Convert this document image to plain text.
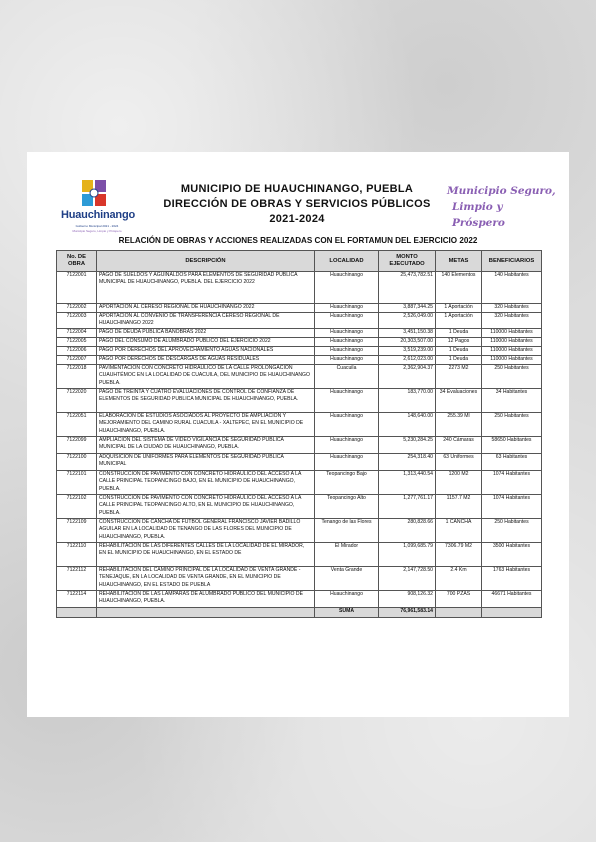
Huauchinango
Gobierno Municipal 2021 - 2024
Municipio Seguro, Limpio y Próspero
MUNICIPIO DE HUAUCHINANGO, PUEBLA
DIRECCIÓN DE OBRAS Y SERVICIOS PÚBLICOS
2021-2024
Municipio Seguro,
Limpio y Próspero
RELACIÓN DE OBRAS Y ACCIONES REALIZADAS CON EL FORTAMUN DEL EJERCICIO 2022
No. DE OBRA	DESCRIPCIÓN	LOCALIDAD	MONTO EJECUTADO	METAS	BENEFICIARIOS
7122001	PAGO DE SUELDOS Y AGUINALDOS PARA ELEMENTOS DE SEGURIDAD PÚBLICA MUNICIPAL DE HUAUCHINANGO, PUEBLA. DEL EJERCICIO 2022	Huauchinango	25,473,782.51	140 Elementos	140 Habitantes
7122002	APORTACIÓN AL CERESO REGIONAL DE HUAUCHINANGO 2022	Huauchinango	3,887,344.25	1 Aportación	320 Habitantes
7122003	APORTACIÓN AL CONVENIO DE TRANSFERENCIA CERESO REGIONAL DE HUAUCHINANGO 2022	Huauchinango	2,526,049.00	1 Aportación	320 Habitantes
7122004	PAGO DE DEUDA PÚBLICA BANOBRAS 2022	Huauchinango	3,451,150.38	1 Deuda	110000 Habitantes
7122005	PAGO DEL CONSUMO DE ALUMBRADO PÚBLICO DEL EJERCICIO 2022	Huauchinango	20,303,507.00	12 Pagos	110000 Habitantes
7122006	PAGO POR DERECHOS DEL APROVECHAMIENTO AGUAS NACIONALES	Huauchinango	3,519,239.00	1 Deuda	110000 Habitantes
7122007	PAGO POR DERECHOS DE DESCARGAS DE AGUAS RESIDUALES	Huauchinango	2,612,023.00	1 Deuda	110000 Habitantes
7122018	PAVIMENTACIÓN CON CONCRETO HIDRÁULICO DE LA CALLE PROLONGACIÓN CUAUHTÉMOC EN LA LOCALIDAD DE CUACUILA, DEL MUNICIPIO DE HUAUCHINANGO PUEBLA.	Cuacuila	2,362,904.37	2273 M2	250 Habitantes
7122020	PAGO DE TREINTA Y CUATRO EVALUACIONES DE CONTROL DE CONFIANZA DE ELEMENTOS DE SEGURIDAD PUBLICA MUNICIPAL DE HUAUCHINANGO, PUEBLA.	Huauchinango	183,770.00	34 Evaluaciones	34 Habitantes
7122051	ELABORACIÓN DE ESTUDIOS ASOCIADOS AL PROYECTO DE AMPLIACIÓN Y MEJORAMIENTO DEL CAMINO RURAL CUACUILA - XALTEPEC, EN EL MUNICIPIO DE HUAUCHINANGO, PUEBLA.	Huauchinango	148,640.00	255.39 Ml	250 Habitantes
7122099	AMPLIACIÓN DEL SISTEMA DE VIDEO VIGILANCIA DE SEGURIDAD PUBLICA MUNICIPAL DE LA CIUDAD DE HUAUCHINANGO, PUEBLA.	Huauchinango	5,230,284.25	240 Cámaras	58650 Habitantes
7122100	ADQUISICIÓN DE UNIFORMES PARA ELEMENTOS DE SEGURIDAD PÚBLICA MUNICIPAL	Huauchinango	254,318.40	63 Uniformes	63 Habitantes
7122101	CONSTRUCCION DE PAVIMENTO CON CONCRETO HIDRAULICO DEL ACCESO A LA CALLE PRINCIPAL TEOPANCINGO BAJO, EN EL MUNICIPIO DE HUAUCHINANGO, PUEBLA.	Teopancingo Bajo	1,313,440.54	1200 M2	1074 Habitantes
7122102	CONSTRUCCION DE PAVIMENTO CON CONCRETO HIDRAULICO DEL ACCESO A LA CALLE PRINCIPAL TEOPANCINGO ALTO, EN EL MUNICIPIO DE HUAUCHINANGO, PUEBLA.	Teopancingo Alto	1,277,761.17	1157.7 M2	1074 Habitantes
7122109	CONSTRUCCION DE CANCHA DE FUTBOL GENERAL FRANCISCO JAVIER BADILLO AGUILAR EN LA LOCALIDAD DE TENANGO DE LAS FLORES DEL MUNICIPIO DE HUAUCHINANGO, PUEBLA.	Tenango de las Flores	280,828.66	1 CANCHA	250 Habitantes
7122110	REHABILITACION DE LAS DIFERENTES CALLES DE LA LOCALIDAD DE EL MIRADOR, EN EL MUNICIPIO DE HUAUCHINANGO, EN EL ESTADO DE	El Mirador	1,099,685.79	7306.79 M2	3500 Habitantes
7122112	REHABILITACION DEL CAMINO PRINCIPAL DE LA LOCALIDAD DE VENTA GRANDE - TENEJAQUE, EN LA LOCALIDAD DE VENTA GRANDE, EN EL MUNICIPIO DE HUAUCHINANGO, EN EL ESTADO DE PUEBLA	Venta Grande	2,147,728.50	2.4 Km	1763 Habitantes
7122114	REHABILITACION DE LAS LAMPARAS DE ALUMBRADO PÚBLICO DEL MUNICIPIO DE HUAUCHINANGO, PUEBLA.	Huauchinango	908,126.32	700 PZAS	46671 Habitantes
		SUMA	76,961,583.14		
